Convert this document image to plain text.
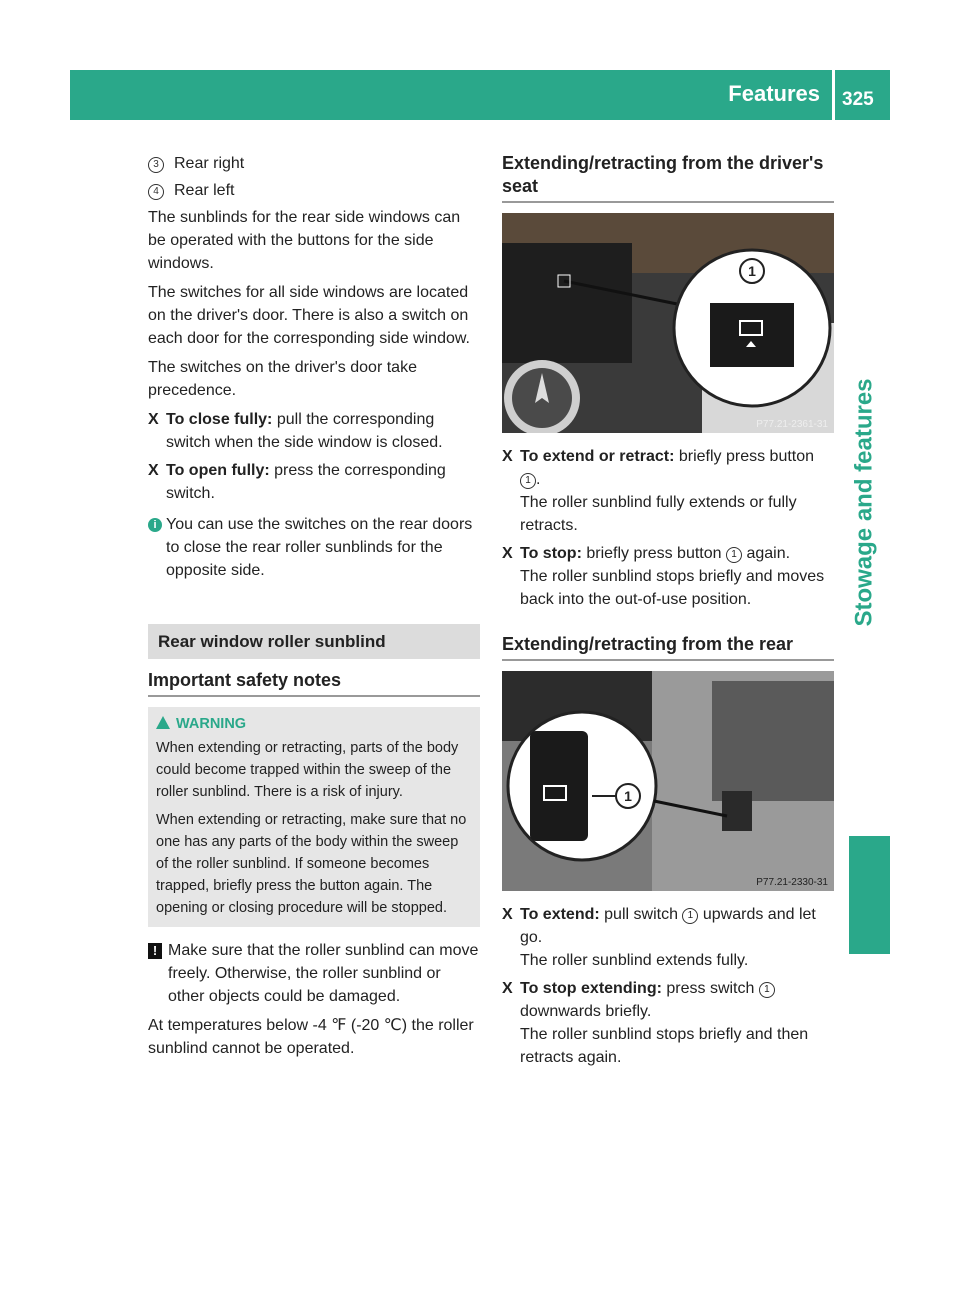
Features 325
Stowage and features
3 Rear right
4 Rear left

The sunblinds for the rear side windows can be operated with the buttons for the side windows.

The switches for all side windows are located on the driver's door. There is also a switch on each door for the corresponding side window.

The switches on the driver's door take precedence.

X To close fully: pull the corresponding switch when the side window is closed.
X To open fully: press the corresponding switch.
i You can use the switches on the rear doors to close the rear roller sunblinds for the opposite side.
Rear window roller sunblind
Important safety notes
WARNING

When extending or retracting, parts of the body could become trapped within the sweep of the roller sunblind. There is a risk of injury.

When extending or retracting, make sure that no one has any parts of the body within the sweep of the roller sunblind. If someone becomes trapped, briefly press the button again. The opening or closing procedure will be stopped.

! Make sure that the roller sunblind can move freely. Otherwise, the roller sunblind or other objects could be damaged.

At temperatures below -4 ℉ (-20 ℃) the roller sunblind cannot be operated.

Extending/retracting from the driver's seat
1
P77.21-2361-31
X To extend or retract: briefly press button 1 .
The roller sunblind fully extends or fully retracts.
X To stop: briefly press button 1 again.
The roller sunblind stops briefly and moves back into the out-of-use position.
Extending/retracting from the rear
1
P77.21-2330-31
X To extend: pull switch 1 upwards and let go.
The roller sunblind extends fully.
X To stop extending: press switch 1 downwards briefly.
The roller sunblind stops briefly and then retracts again.
